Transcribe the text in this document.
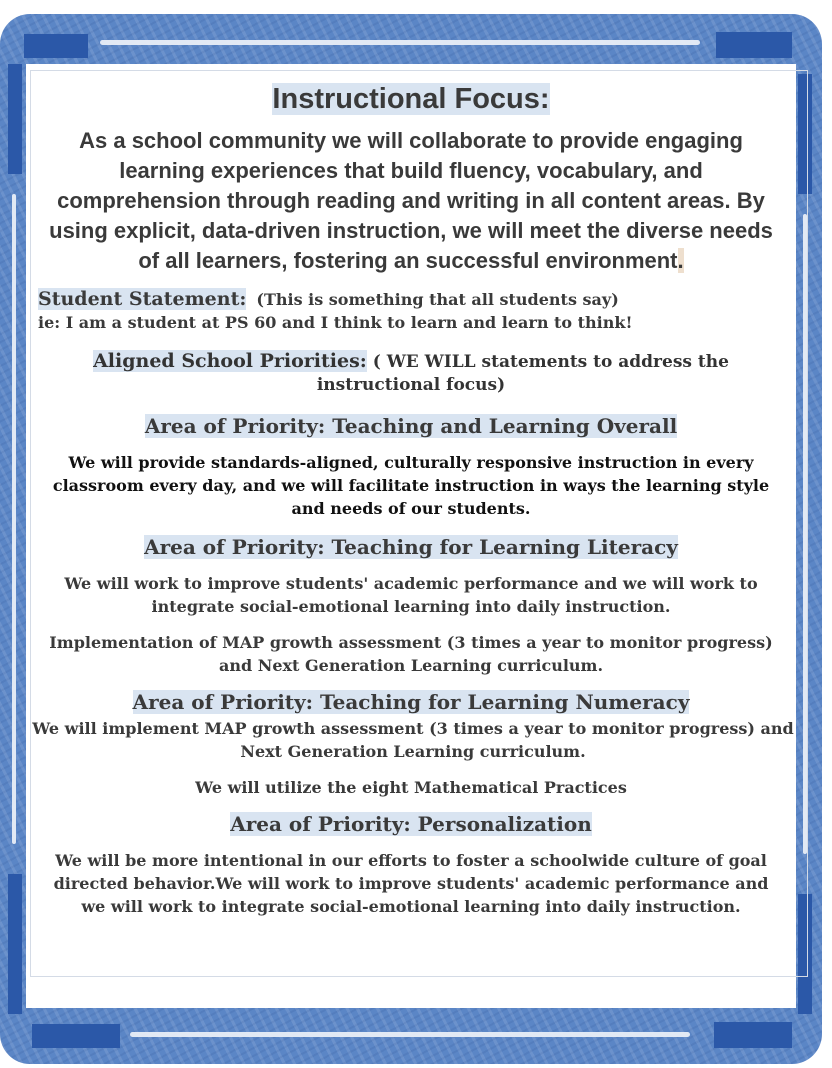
Instructional Focus:
As a school community we will collaborate to provide engaging learning experiences that build fluency, vocabulary, and comprehension through reading and writing in all content areas. By using explicit, data-driven instruction, we will meet the diverse needs of all learners, fostering an successful environment.
Student Statement: (This is something that all students say)
ie: I am a student at PS 60 and I think to learn and learn to think!
Aligned School Priorities: ( WE WILL statements to address the instructional focus)
Area of Priority: Teaching and Learning Overall
We will provide standards-aligned, culturally responsive instruction in every classroom every day, and we will facilitate instruction in ways the learning style and needs of our students.
Area of Priority: Teaching for Learning Literacy
We will work to improve students' academic performance and we will work to integrate social-emotional learning into daily instruction.
Implementation of MAP growth assessment (3 times a year to monitor progress) and Next Generation Learning curriculum.
Area of Priority: Teaching for Learning Numeracy
We will implement MAP growth assessment (3 times a year to monitor progress) and Next Generation Learning curriculum.
We will utilize the eight Mathematical Practices
Area of Priority: Personalization
We will be more intentional in our efforts to foster a schoolwide culture of goal directed behavior.We will work to improve students' academic performance and we will work to integrate social-emotional learning into daily instruction.
